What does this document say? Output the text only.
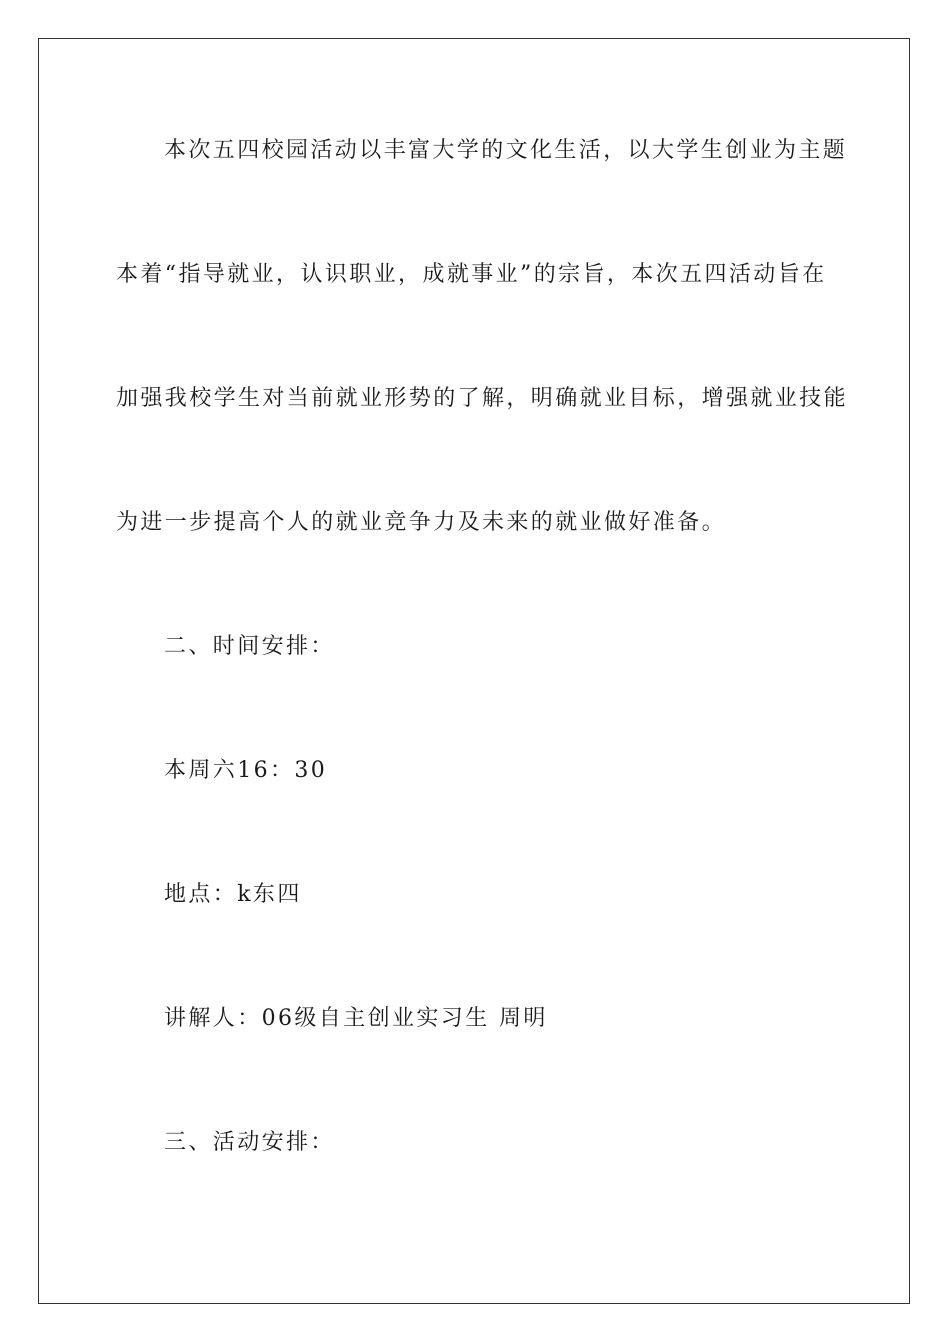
本次五四校园活动以丰富大学的文化生活，以大学生创业为主题
本着“指导就业，认识职业，成就事业”的宗旨，本次五四活动旨在
加强我校学生对当前就业形势的了解，明确就业目标，增强就业技能
为进一步提高个人的就业竞争力及未来的就业做好准备。
二、时间安排：
本周六16：30
地点：k东四
讲解人：06级自主创业实习生 周明
三、活动安排：
